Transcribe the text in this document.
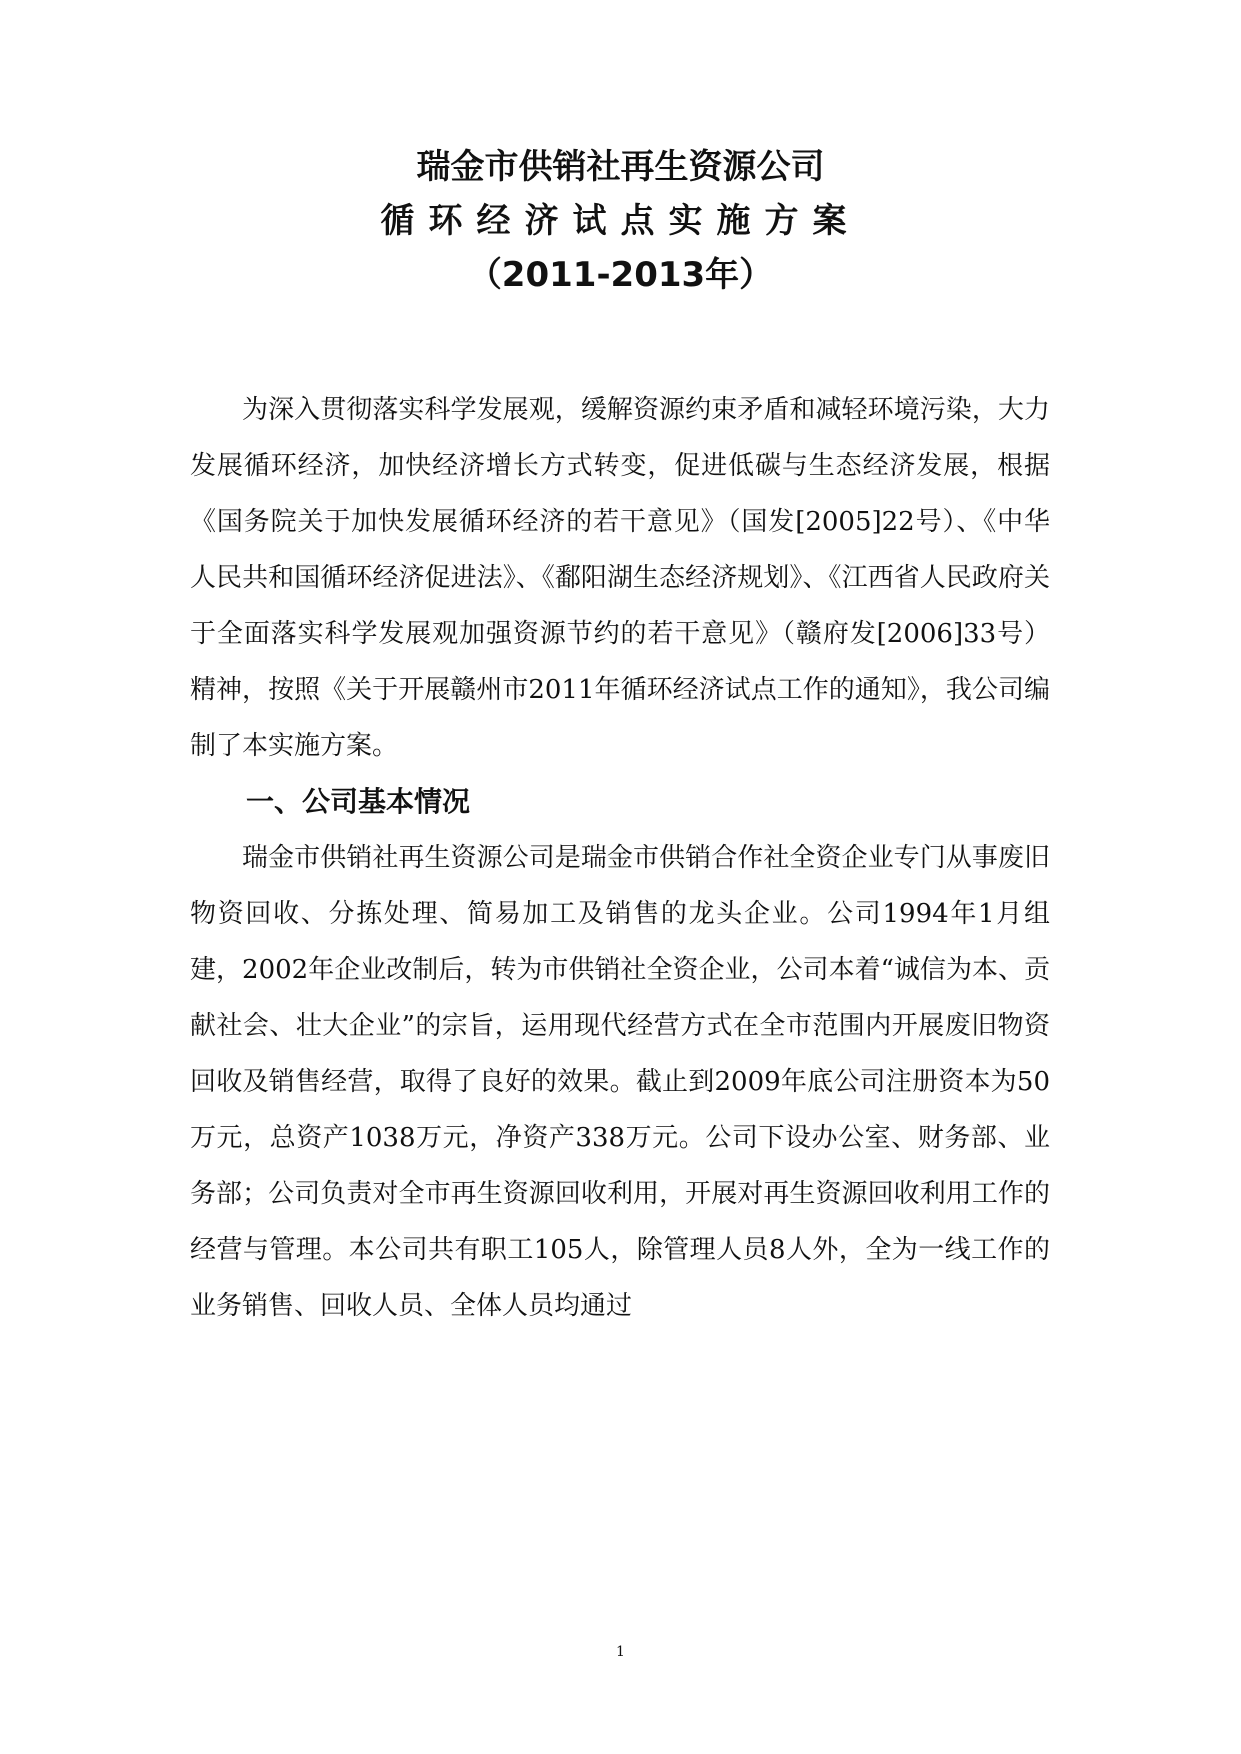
瑞金市供销社再生资源公司

循环经济试点实施方案

（2011-2013年）

为深入贯彻落实科学发展观，缓解资源约束矛盾和减轻环境污染，大力发展循环经济，加快经济增长方式转变，促进低碳与生态经济发展，根据《国务院关于加快发展循环经济的若干意见》（国发[2005]22号）、《中华人民共和国循环经济促进法》、《鄱阳湖生态经济规划》、《江西省人民政府关于全面落实科学发展观加强资源节约的若干意见》（赣府发[2006]33号）精神，按照《关于开展赣州市2011年循环经济试点工作的通知》，我公司编制了本实施方案。

一、公司基本情况

瑞金市供销社再生资源公司是瑞金市供销合作社全资企业专门从事废旧物资回收、分拣处理、简易加工及销售的龙头企业。公司1994年1月组建，2002年企业改制后，转为市供销社全资企业，公司本着“诚信为本、贡献社会、壮大企业”的宗旨，运用现代经营方式在全市范围内开展废旧物资回收及销售经营，取得了良好的效果。截止到2009年底公司注册资本为50万元，总资产1038万元，净资产338万元。公司下设办公室、财务部、业务部；公司负责对全市再生资源回收利用，开展对再生资源回收利用工作的经营与管理。本公司共有职工105人，除管理人员8人外，全为一线工作的业务销售、回收人员、全体人员均通过

1
